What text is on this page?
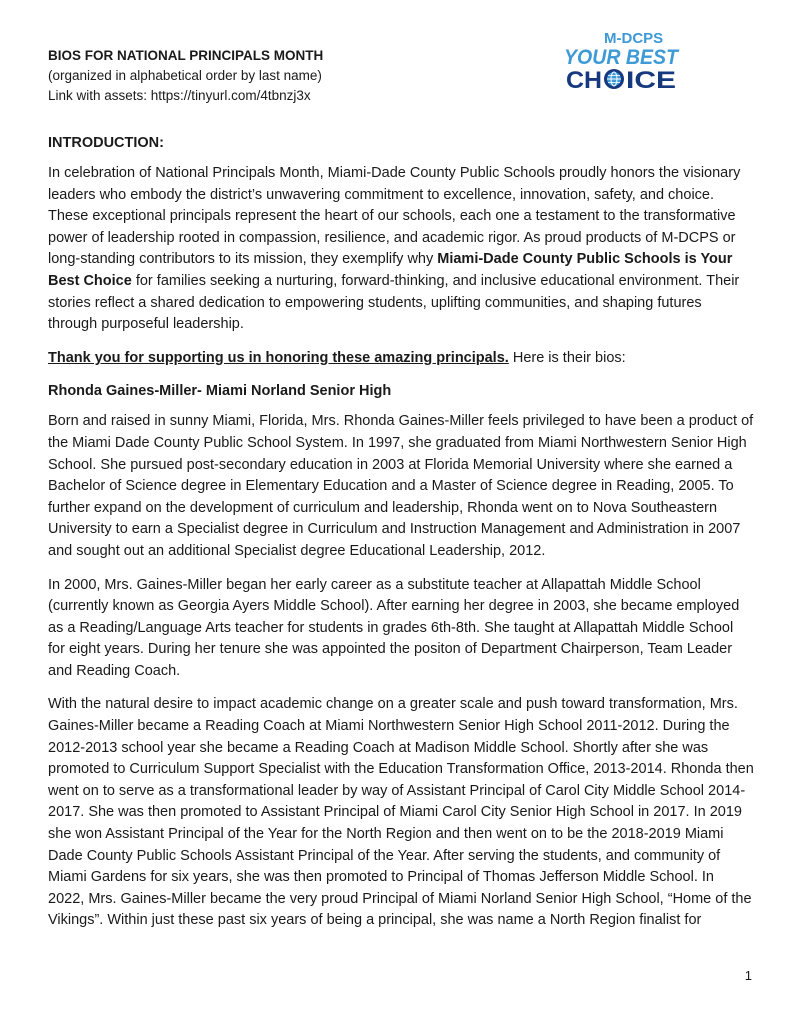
BIOS FOR NATIONAL PRINCIPALS MONTH

(organized in alphabetical order by last name)

Link with assets: https://tinyurl.com/4tbnzj3x

M-DCPS
YOUR BEST
CH ICE

INTRODUCTION:

In celebration of National Principals Month, Miami-Dade County Public Schools proudly honors the visionary leaders who embody the district’s unwavering commitment to excellence, innovation, safety, and choice. These exceptional principals represent the heart of our schools, each one a testament to the transformative power of leadership rooted in compassion, resilience, and academic rigor. As proud products of M-DCPS or long-standing contributors to its mission, they exemplify why Miami-Dade County Public Schools is Your Best Choice for families seeking a nurturing, forward-thinking, and inclusive educational environment. Their stories reflect a shared dedication to empowering students, uplifting communities, and shaping futures through purposeful leadership.

Thank you for supporting us in honoring these amazing principals. Here is their bios:

Rhonda Gaines-Miller- Miami Norland Senior High

Born and raised in sunny Miami, Florida, Mrs. Rhonda Gaines-Miller feels privileged to have been a product of the Miami Dade County Public School System. In 1997, she graduated from Miami Northwestern Senior High School. She pursued post-secondary education in 2003 at Florida Memorial University where she earned a Bachelor of Science degree in Elementary Education and a Master of Science degree in Reading, 2005. To further expand on the development of curriculum and leadership, Rhonda went on to Nova Southeastern University to earn a Specialist degree in Curriculum and Instruction Management and Administration in 2007 and sought out an additional Specialist degree Educational Leadership, 2012.

In 2000, Mrs. Gaines-Miller began her early career as a substitute teacher at Allapattah Middle School (currently known as Georgia Ayers Middle School). After earning her degree in 2003, she became employed as a Reading/Language Arts teacher for students in grades 6th-8th. She taught at Allapattah Middle School for eight years. During her tenure she was appointed the positon of Department Chairperson, Team Leader and Reading Coach.

With the natural desire to impact academic change on a greater scale and push toward transformation, Mrs. Gaines-Miller became a Reading Coach at Miami Northwestern Senior High School 2011-2012. During the 2012-2013 school year she became a Reading Coach at Madison Middle School. Shortly after she was promoted to Curriculum Support Specialist with the Education Transformation Office, 2013-2014. Rhonda then went on to serve as a transformational leader by way of Assistant Principal of Carol City Middle School 2014-2017. She was then promoted to Assistant Principal of Miami Carol City Senior High School in 2017. In 2019 she won Assistant Principal of the Year for the North Region and then went on to be the 2018-2019 Miami Dade County Public Schools Assistant Principal of the Year. After serving the students, and community of Miami Gardens for six years, she was then promoted to Principal of Thomas Jefferson Middle School. In 2022, Mrs. Gaines-Miller became the very proud Principal of Miami Norland Senior High School, “Home of the Vikings”. Within just these past six years of being a principal, she was name a North Region finalist for

1
